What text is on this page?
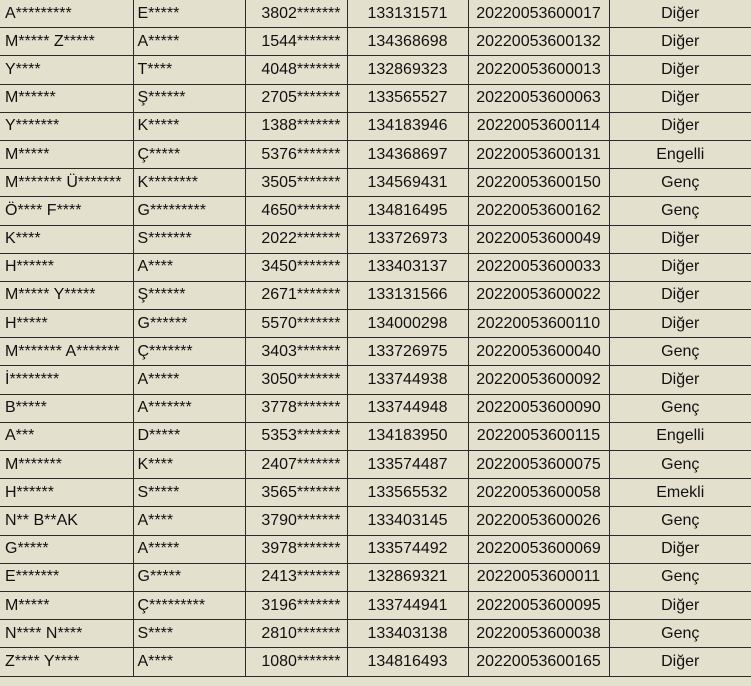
A*********	E*****	3802*******	133131571	20220053600017	Diğer
M***** Z*****	A*****	1544*******	134368698	20220053600132	Diğer
Y****	T****	4048*******	132869323	20220053600013	Diğer
M******	Ş******	2705*******	133565527	20220053600063	Diğer
Y*******	K*****	1388*******	134183946	20220053600114	Diğer
M*****	Ç*****	5376*******	134368697	20220053600131	Engelli
M******* Ü*******	K********	3505*******	134569431	20220053600150	Genç
Ö**** F****	G*********	4650*******	134816495	20220053600162	Genç
K****	S*******	2022*******	133726973	20220053600049	Diğer
H******	A****	3450*******	133403137	20220053600033	Diğer
M***** Y*****	Ş******	2671*******	133131566	20220053600022	Diğer
H*****	G******	5570*******	134000298	20220053600110	Diğer
M******* A*******	Ç*******	3403*******	133726975	20220053600040	Genç
İ********	A*****	3050*******	133744938	20220053600092	Diğer
B*****	A*******	3778*******	133744948	20220053600090	Genç
A***	D*****	5353*******	134183950	20220053600115	Engelli
M*******	K****	2407*******	133574487	20220053600075	Genç
H******	S*****	3565*******	133565532	20220053600058	Emekli
N** B**AK	A****	3790*******	133403145	20220053600026	Genç
G*****	A*****	3978*******	133574492	20220053600069	Diğer
E*******	G*****	2413*******	132869321	20220053600011	Genç
M*****	Ç*********	3196*******	133744941	20220053600095	Diğer
N**** N****	S****	2810*******	133403138	20220053600038	Genç
Z**** Y****	A****	1080*******	134816493	20220053600165	Diğer
